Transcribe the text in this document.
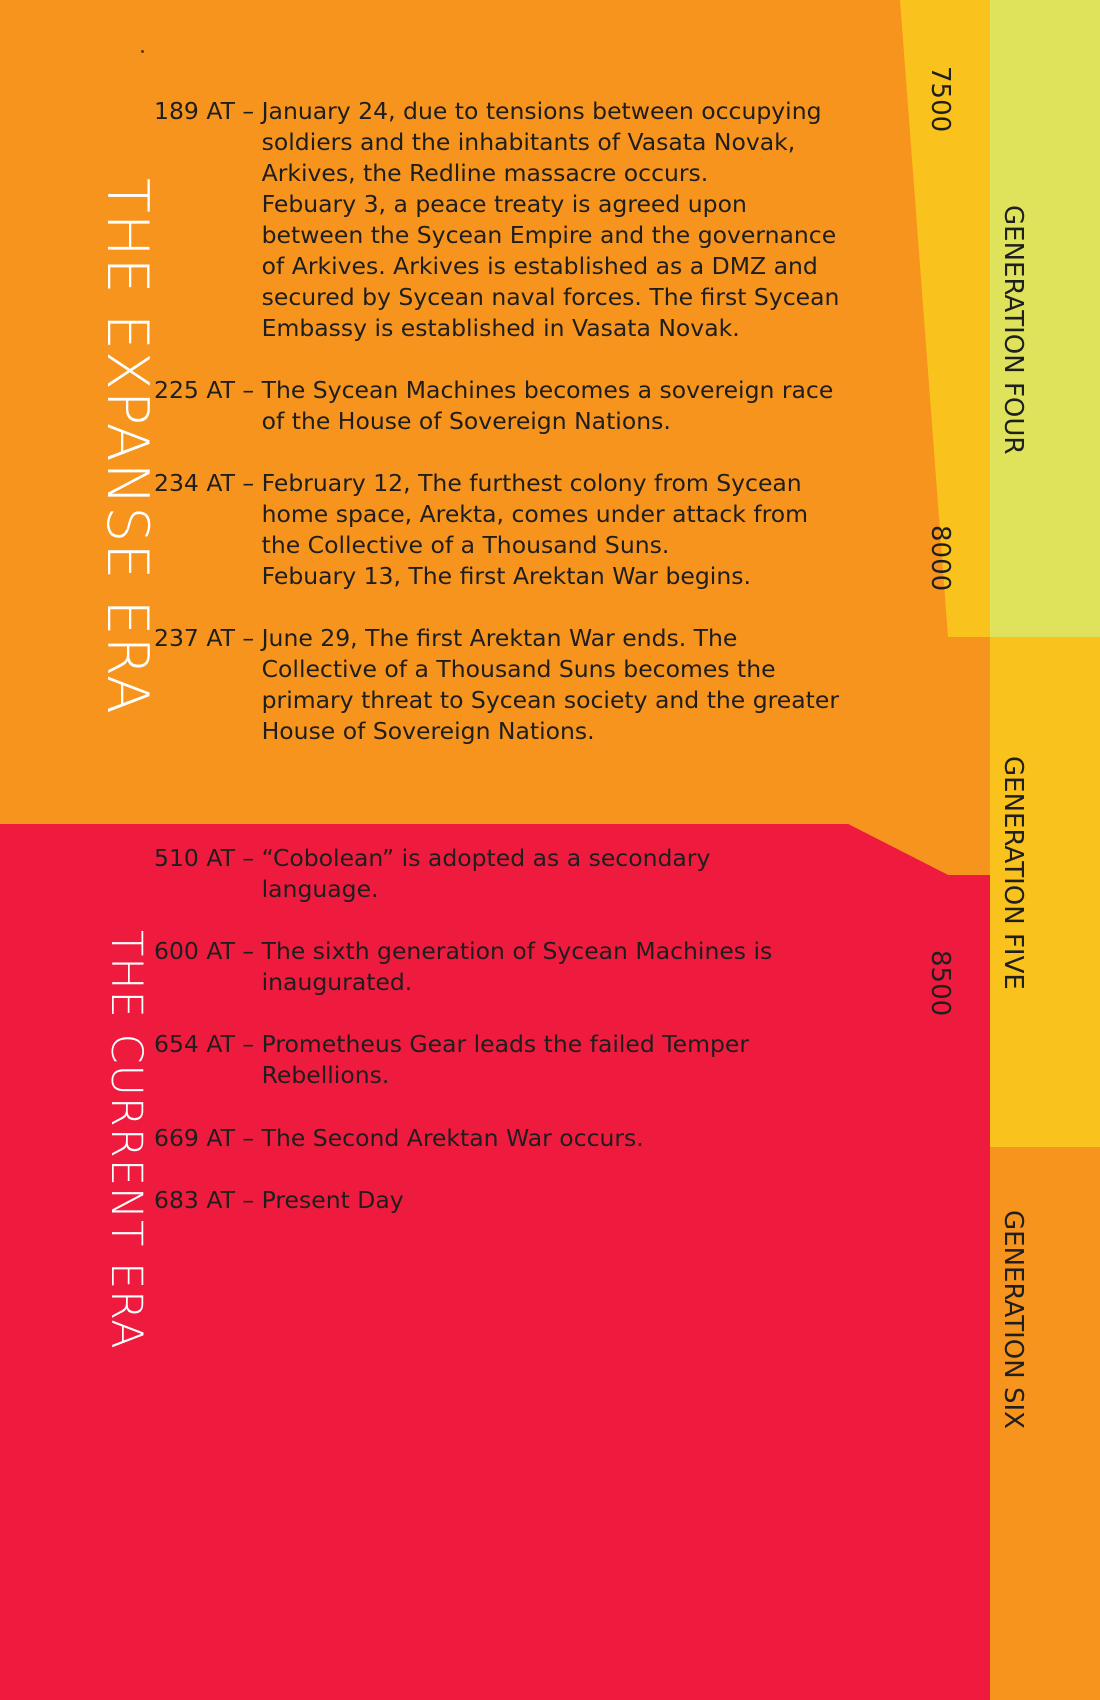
THE EXPANSE ERA
THE CURRENT ERA
GENERATION FOUR
GENERATION FIVE
GENERATION SIX
7500
8000
8500
189 AT – January 24, due to tensions between occupying soldiers and the inhabitants of Vasata Novak, Arkives, the Redline massacre occurs.

Febuary 3, a peace treaty is agreed upon between the Sycean Empire and the governance of Arkives. Arkives is established as a DMZ and secured by Sycean naval forces. The first Sycean Embassy is established in Vasata Novak.

225 AT – The Sycean Machines becomes a sovereign race of the House of Sovereign Nations.

234 AT – February 12, The furthest colony from Sycean home space, Arekta, comes under attack from the Collective of a Thousand Suns.

Febuary 13, The first Arektan War begins.

237 AT – June 29, The first Arektan War ends. The Collective of a Thousand Suns becomes the primary threat to Sycean society and the greater House of Sovereign Nations.

510 AT – “Cobolean” is adopted as a secondary language.

600 AT – The sixth generation of Sycean Machines is inaugurated.

654 AT – Prometheus Gear leads the failed Temper Rebellions.

669 AT – The Second Arektan War occurs.

683 AT – Present Day
